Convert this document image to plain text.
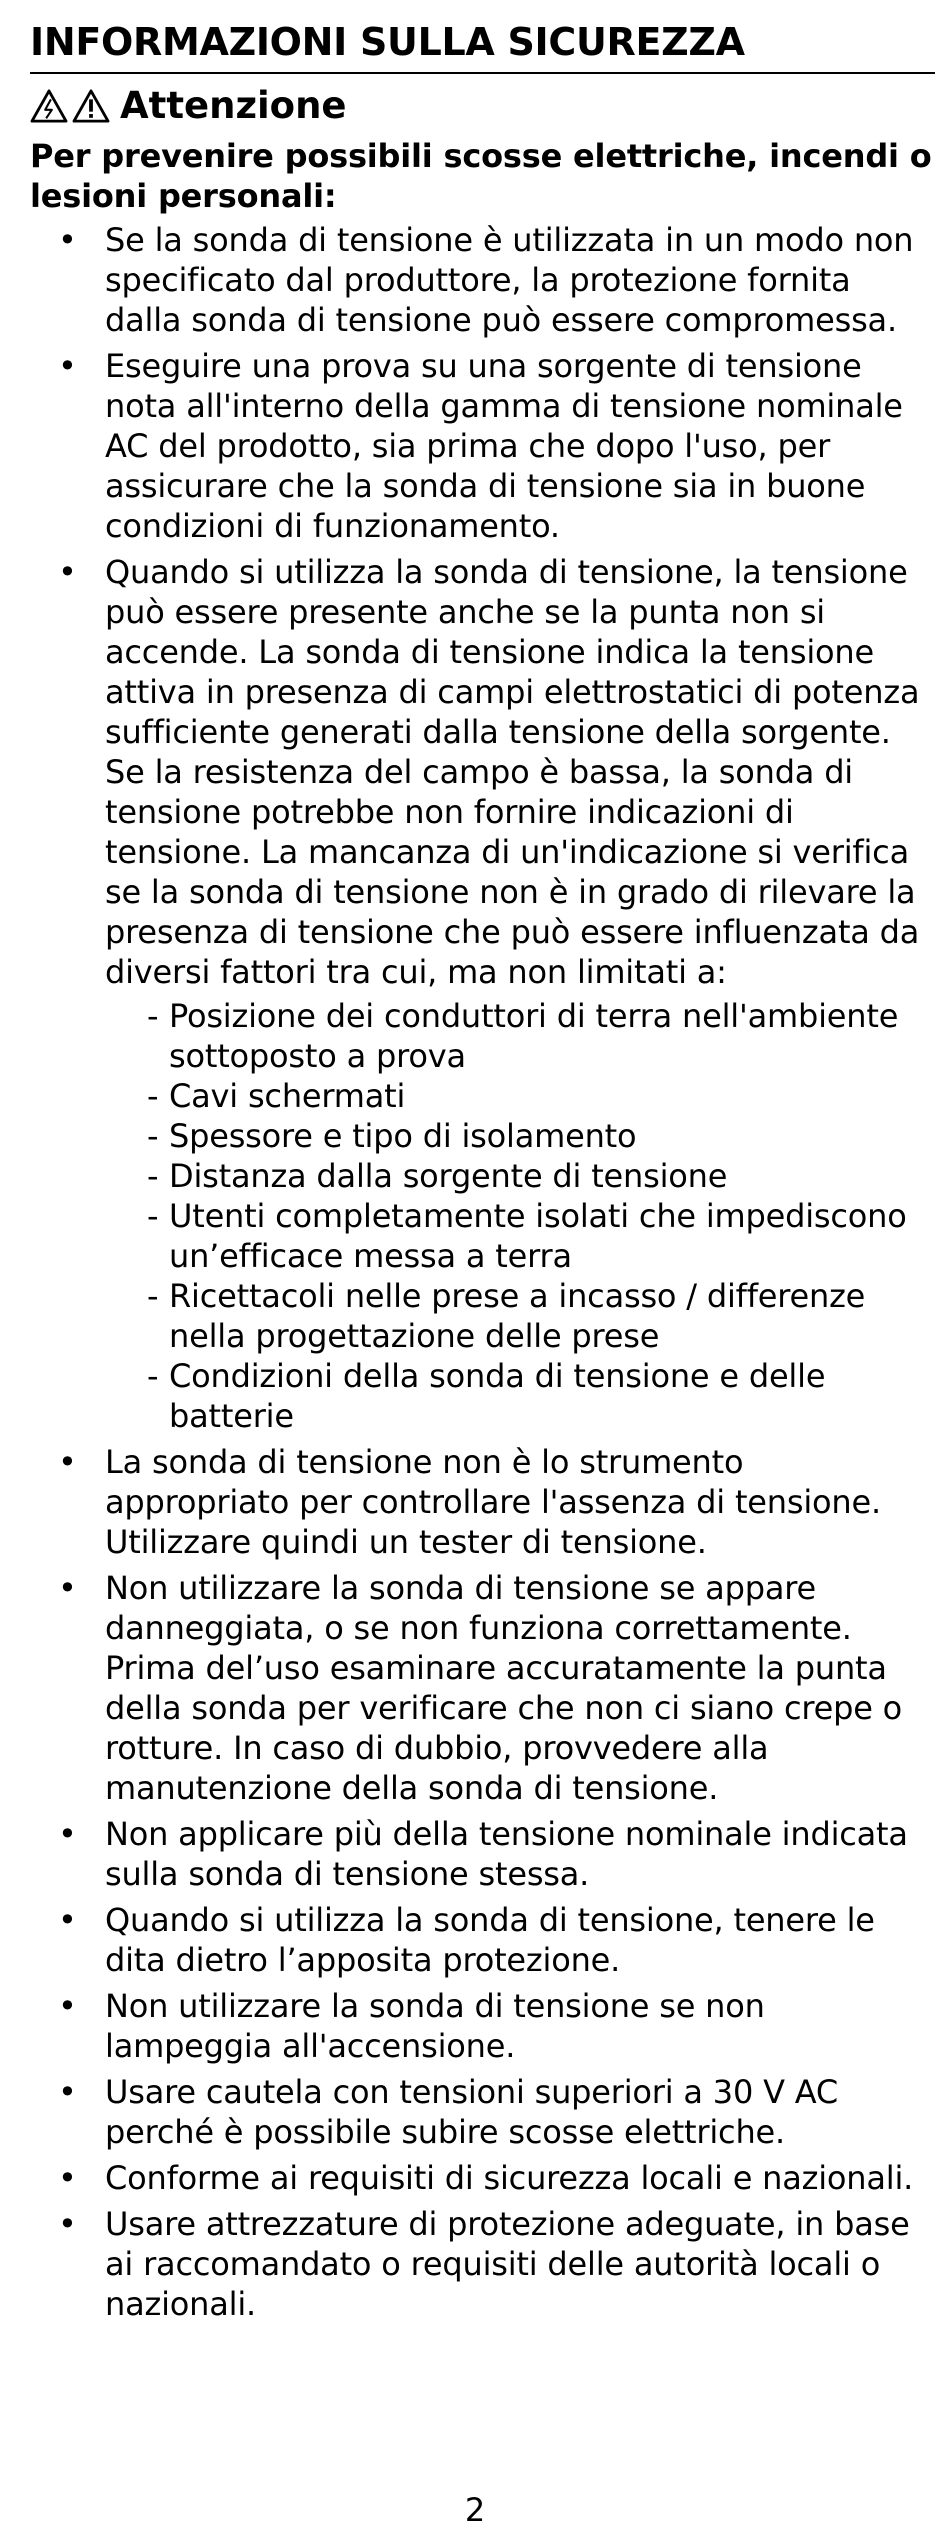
INFORMAZIONI SULLA SICUREZZA
Attenzione
Per prevenire possibili scosse elettriche, incendi o lesioni personali:
• Se la sonda di tensione è utilizzata in un modo non specificato dal produttore, la protezione fornita dalla sonda di tensione può essere compromessa.
• Eseguire una prova su una sorgente di tensione nota all'interno della gamma di tensione nominale AC del prodotto, sia prima che dopo l'uso, per assicurare che la sonda di tensione sia in buone condizioni di funzionamento.
• Quando si utilizza la sonda di tensione, la tensione può essere presente anche se la punta non si accende. La sonda di tensione indica la tensione attiva in presenza di campi elettrostatici di potenza sufficiente generati dalla tensione della sorgente. Se la resistenza del campo è bassa, la sonda di tensione potrebbe non fornire indicazioni di tensione. La mancanza di un'indicazione si verifica se la sonda di tensione non è in grado di rilevare la presenza di tensione che può essere influenzata da diversi fattori tra cui, ma non limitati a:
- Posizione dei conduttori di terra nell'ambiente sottoposto a prova
- Cavi schermati
- Spessore e tipo di isolamento
- Distanza dalla sorgente di tensione
- Utenti completamente isolati che impediscono un’efficace messa a terra
- Ricettacoli nelle prese a incasso / differenze nella progettazione delle prese
- Condizioni della sonda di tensione e delle batterie
• La sonda di tensione non è lo strumento appropriato per controllare l'assenza di tensione. Utilizzare quindi un tester di tensione.
• Non utilizzare la sonda di tensione se appare danneggiata, o se non funziona correttamente. Prima del’uso esaminare accuratamente la punta della sonda per verificare che non ci siano crepe o rotture. In caso di dubbio, provvedere alla manutenzione della sonda di tensione.
• Non applicare più della tensione nominale indicata sulla sonda di tensione stessa.
• Quando si utilizza la sonda di tensione, tenere le dita dietro l’apposita protezione.
• Non utilizzare la sonda di tensione se non lampeggia all'accensione.
• Usare cautela con tensioni superiori a 30 V AC perché è possibile subire scosse elettriche.
• Conforme ai requisiti di sicurezza locali e nazionali.
• Usare attrezzature di protezione adeguate, in base ai raccomandato o requisiti delle autorità locali o nazionali.
2
